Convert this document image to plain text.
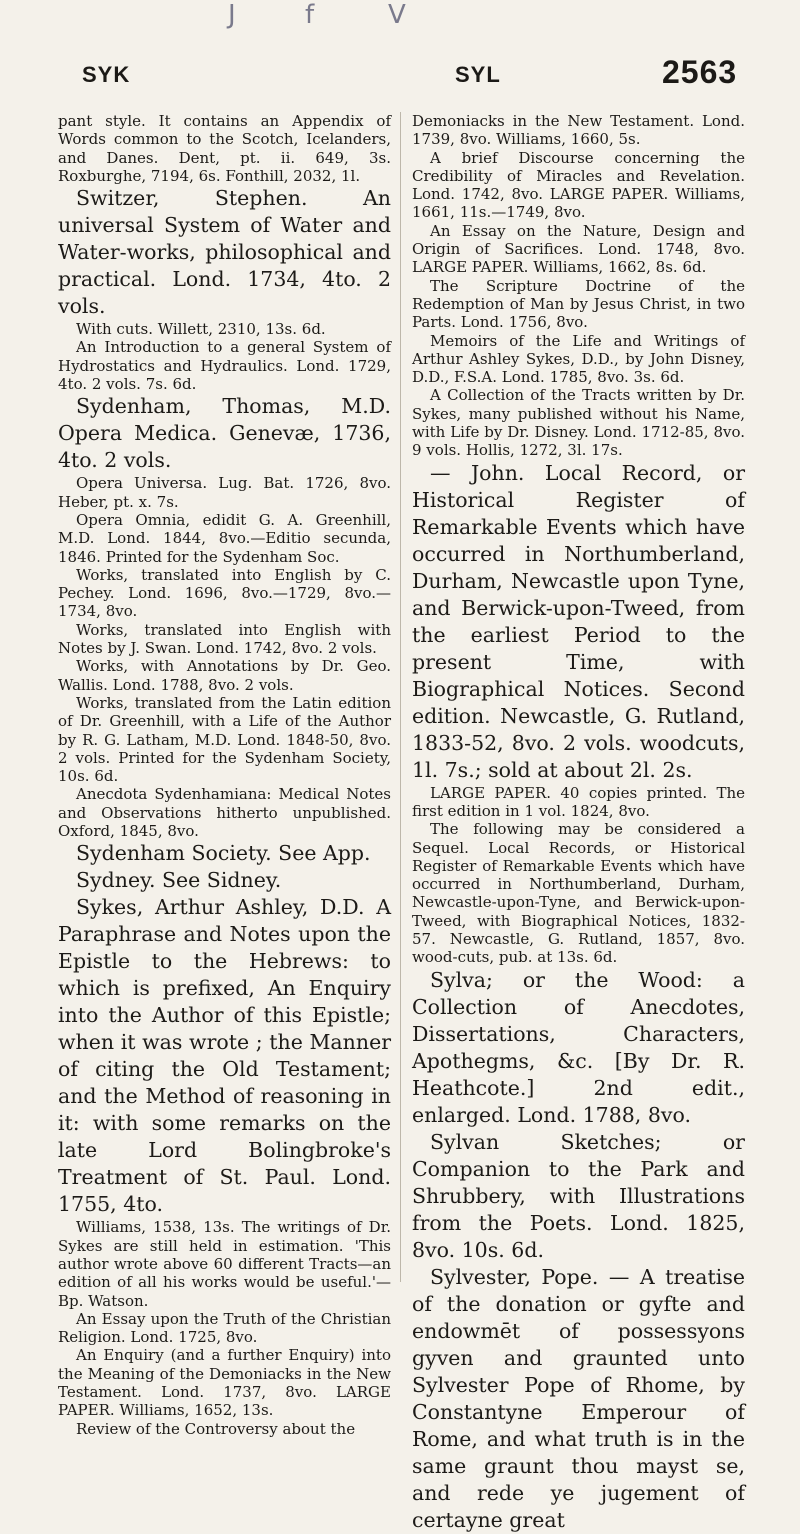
J	f	V
SYK	SYL	2563

pant style. It contains an Appendix of Words common to the Scotch, Icelanders, and Danes. Dent, pt. ii. 649, 3s. Roxburghe, 7194, 6s. Fonthill, 2032, 1l.

Switzer, Stephen. An universal System of Water and Water-works, philosophical and practical. Lond. 1734, 4to. 2 vols.

With cuts. Willett, 2310, 13s. 6d.

An Introduction to a general System of Hydrostatics and Hydraulics. Lond. 1729, 4to. 2 vols. 7s. 6d.

Sydenham, Thomas, M.D. Opera Medica. Genevæ, 1736, 4to. 2 vols.

Opera Universa. Lug. Bat. 1726, 8vo. Heber, pt. x. 7s.

Opera Omnia, edidit G. A. Greenhill, M.D. Lond. 1844, 8vo.—Editio secunda, 1846. Printed for the Sydenham Soc.

Works, translated into English by C. Pechey. Lond. 1696, 8vo.—1729, 8vo.—1734, 8vo.

Works, translated into English with Notes by J. Swan. Lond. 1742, 8vo. 2 vols.

Works, with Annotations by Dr. Geo. Wallis. Lond. 1788, 8vo. 2 vols.

Works, translated from the Latin edition of Dr. Greenhill, with a Life of the Author by R. G. Latham, M.D. Lond. 1848-50, 8vo. 2 vols. Printed for the Sydenham Society, 10s. 6d.

Anecdota Sydenhamiana: Medical Notes and Observations hitherto unpublished. Oxford, 1845, 8vo.

Sydenham Society. See App.

Sydney. See Sidney.

Sykes, Arthur Ashley, D.D. A Paraphrase and Notes upon the Epistle to the Hebrews: to which is prefixed, An Enquiry into the Author of this Epistle; when it was wrote ; the Manner of citing the Old Testament; and the Method of reasoning in it: with some remarks on the late Lord Bolingbroke's Treatment of St. Paul. Lond. 1755, 4to.

Williams, 1538, 13s. The writings of Dr. Sykes are still held in estimation. 'This author wrote above 60 different Tracts—an edition of all his works would be useful.'—Bp. Watson.

An Essay upon the Truth of the Christian Religion. Lond. 1725, 8vo.

An Enquiry (and a further Enquiry) into the Meaning of the Demoniacks in the New Testament. Lond. 1737, 8vo. LARGE PAPER. Williams, 1652, 13s.

Review of the Controversy about the

Demoniacks in the New Testament. Lond. 1739, 8vo. Williams, 1660, 5s.

A brief Discourse concerning the Credibility of Miracles and Revelation. Lond. 1742, 8vo. LARGE PAPER. Williams, 1661, 11s.—1749, 8vo.

An Essay on the Nature, Design and Origin of Sacrifices. Lond. 1748, 8vo. LARGE PAPER. Williams, 1662, 8s. 6d.

The Scripture Doctrine of the Redemption of Man by Jesus Christ, in two Parts. Lond. 1756, 8vo.

Memoirs of the Life and Writings of Arthur Ashley Sykes, D.D., by John Disney, D.D., F.S.A. Lond. 1785, 8vo. 3s. 6d.

A Collection of the Tracts written by Dr. Sykes, many published without his Name, with Life by Dr. Disney. Lond. 1712-85, 8vo. 9 vols. Hollis, 1272, 3l. 17s.

— John. Local Record, or Historical Register of Remarkable Events which have occurred in Northumberland, Durham, Newcastle upon Tyne, and Berwick-upon-Tweed, from the earliest Period to the present Time, with Biographical Notices. Second edition. Newcastle, G. Rutland, 1833-52, 8vo. 2 vols. woodcuts, 1l. 7s.; sold at about 2l. 2s.

LARGE PAPER. 40 copies printed. The first edition in 1 vol. 1824, 8vo.

The following may be considered a Sequel. Local Records, or Historical Register of Remarkable Events which have occurred in Northumberland, Durham, Newcastle-upon-Tyne, and Berwick-upon-Tweed, with Biographical Notices, 1832-57. Newcastle, G. Rutland, 1857, 8vo. wood-cuts, pub. at 13s. 6d.

Sylva; or the Wood: a Collection of Anecdotes, Dissertations, Characters, Apothegms, &c. [By Dr. R. Heathcote.] 2nd edit., enlarged. Lond. 1788, 8vo.

Sylvan Sketches; or Companion to the Park and Shrubbery, with Illustrations from the Poets. Lond. 1825, 8vo. 10s. 6d.

Sylvester, Pope. — A treatise of the donation or gyfte and endowmēt of possessyons gyven and graunted unto Sylvester Pope of Rhome, by Constantyne Emperour of Rome, and what truth is in the same graunt thou mayst se, and rede ye jugement of certayne great
